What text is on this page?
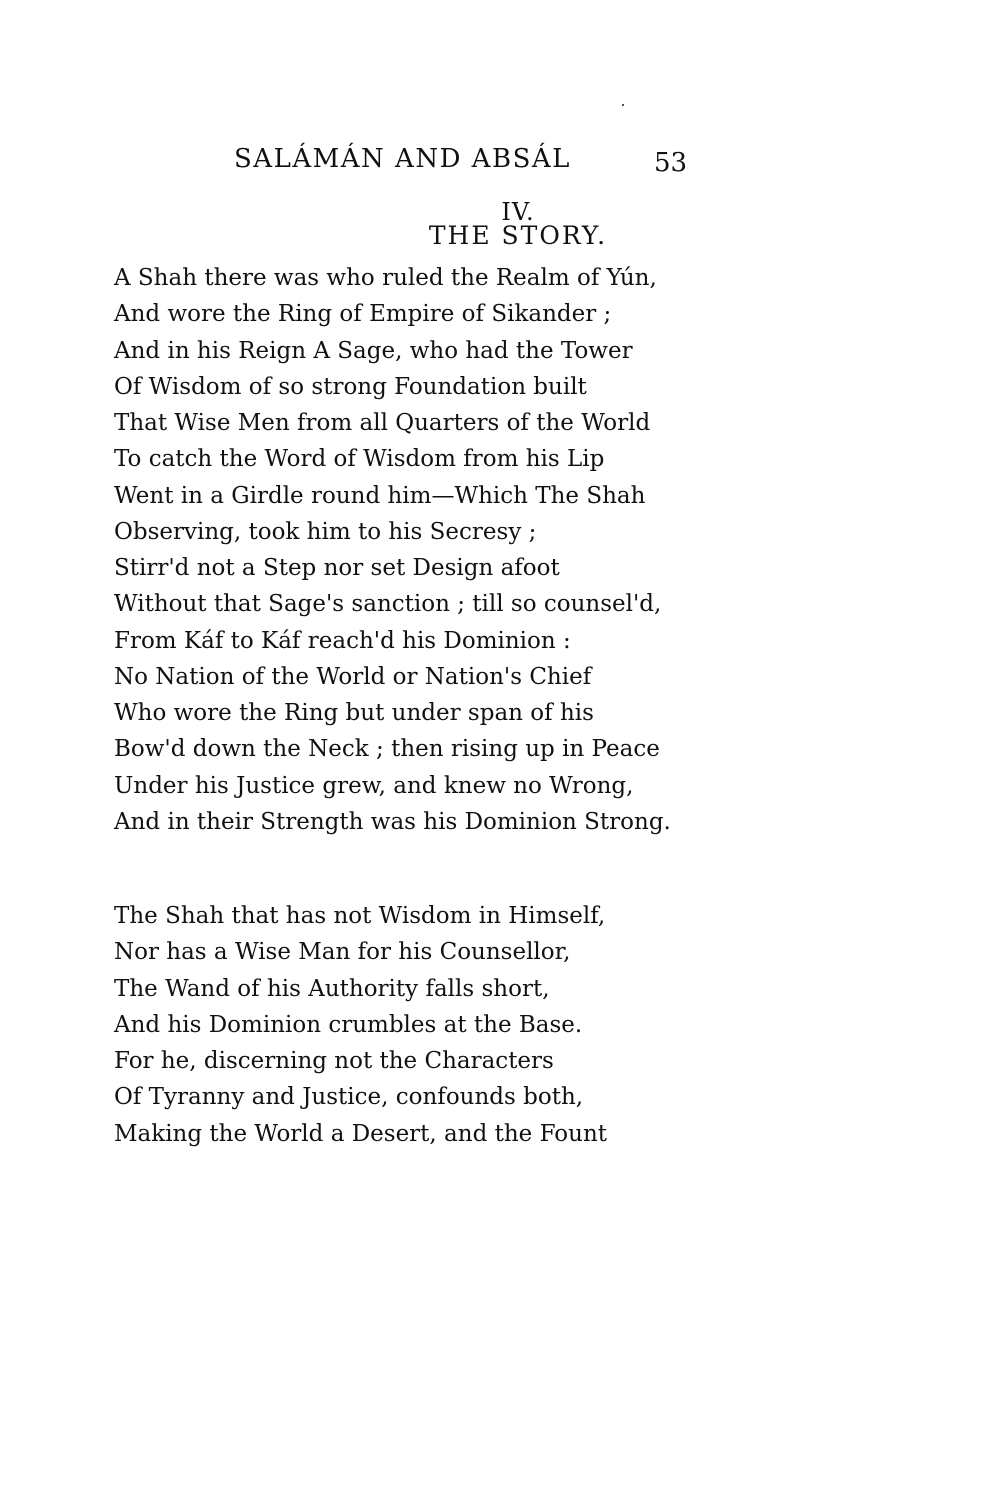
SALÁMÁN AND ABSÁL	53
IV.
THE STORY.
A Shah there was who ruled the Realm of Yún,
And wore the Ring of Empire of Sikander ;
And in his Reign A Sage, who had the Tower
Of Wisdom of so strong Foundation built
That Wise Men from all Quarters of the World
To catch the Word of Wisdom from his Lip
Went in a Girdle round him—Which The Shah
Observing, took him to his Secresy ;
Stirr'd not a Step nor set Design afoot
Without that Sage's sanction ; till so counsel'd,
From Káf to Káf reach'd his Dominion :
No Nation of the World or Nation's Chief
Who wore the Ring but under span of his
Bow'd down the Neck ; then rising up in Peace
Under his Justice grew, and knew no Wrong,
And in their Strength was his Dominion Strong.
The Shah that has not Wisdom in Himself,
Nor has a Wise Man for his Counsellor,
The Wand of his Authority falls short,
And his Dominion crumbles at the Base.
For he, discerning not the Characters
Of Tyranny and Justice, confounds both,
Making the World a Desert, and the Fount
